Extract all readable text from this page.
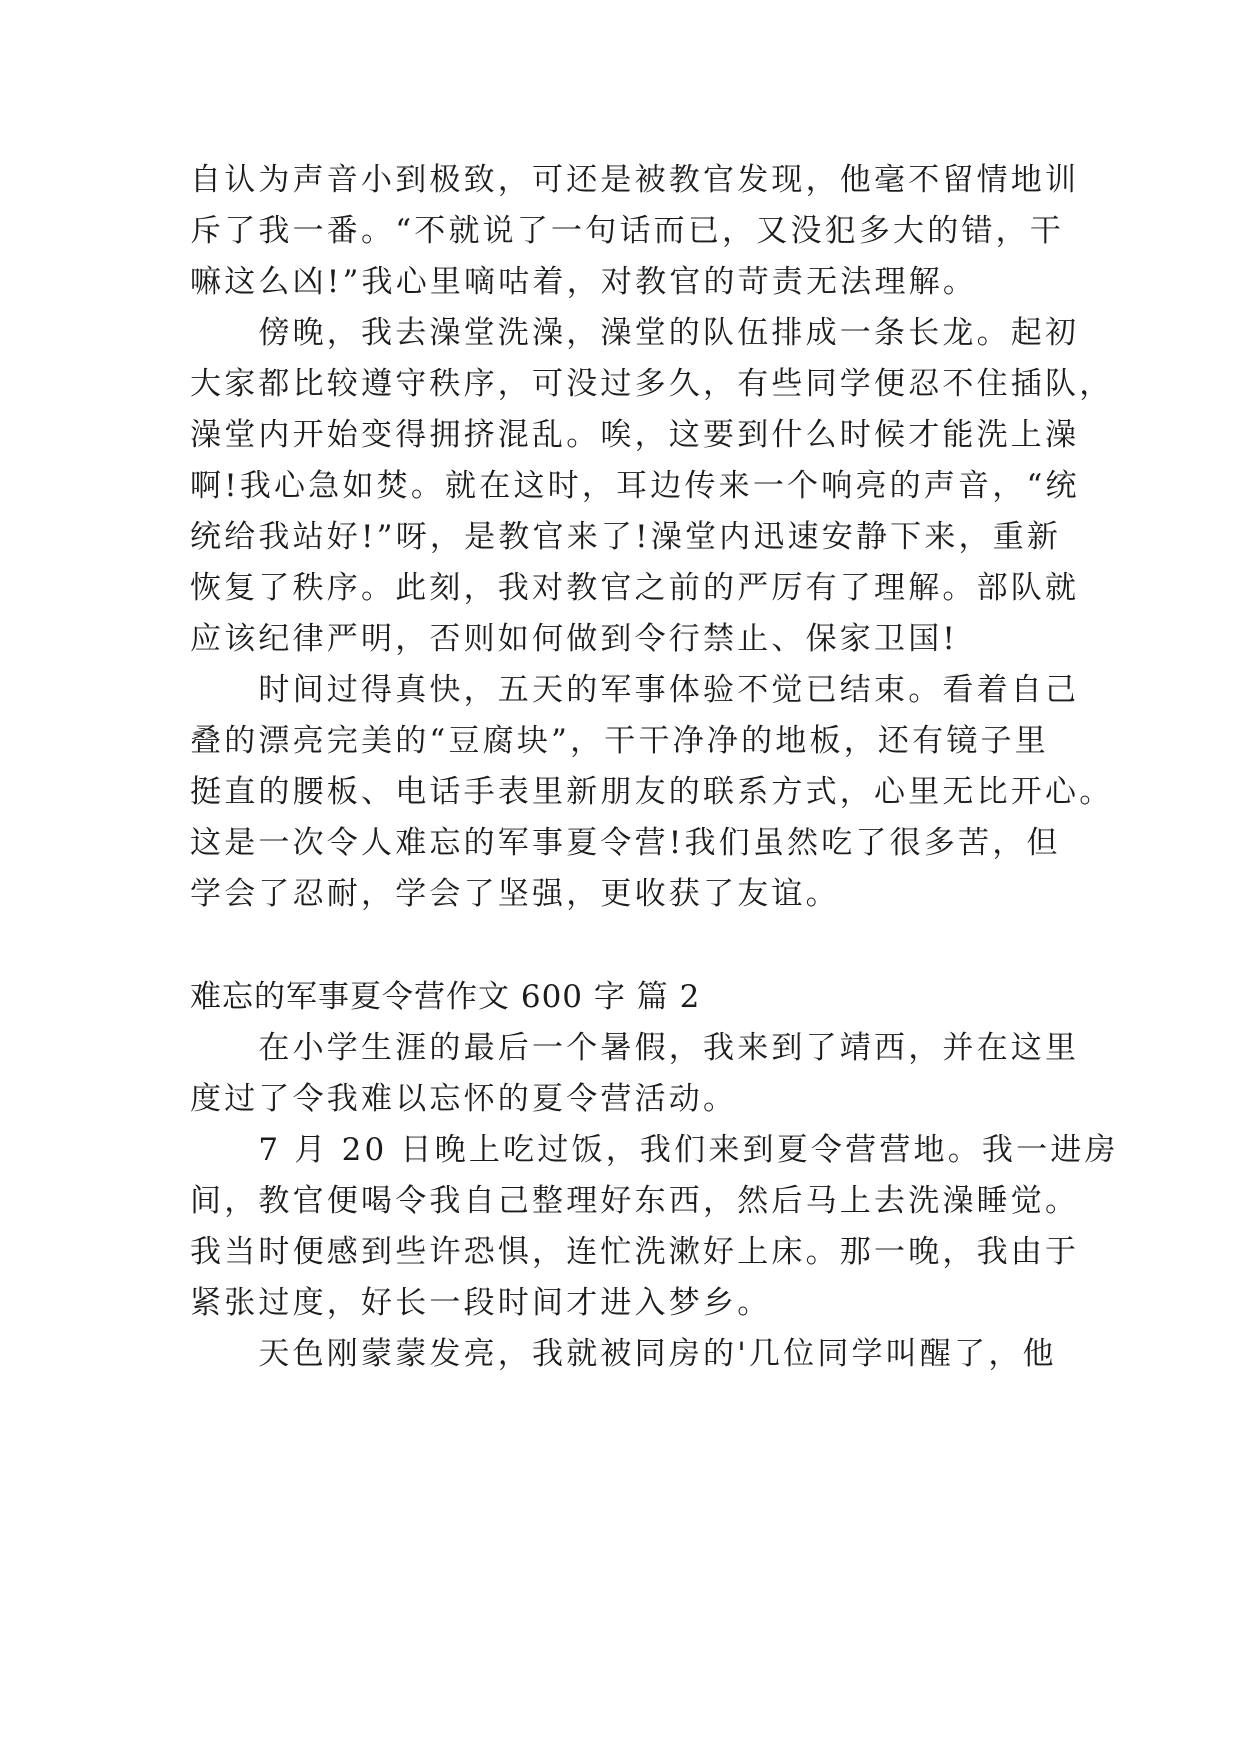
自认为声音小到极致，可还是被教官发现，他毫不留情地训
斥了我一番。“不就说了一句话而已，又没犯多大的错，干
嘛这么凶!”我心里嘀咕着，对教官的苛责无法理解。
　　傍晚，我去澡堂洗澡，澡堂的队伍排成一条长龙。起初
大家都比较遵守秩序，可没过多久，有些同学便忍不住插队，
澡堂内开始变得拥挤混乱。唉，这要到什么时候才能洗上澡
啊!我心急如焚。就在这时，耳边传来一个响亮的声音，“统
统给我站好!”呀，是教官来了!澡堂内迅速安静下来，重新
恢复了秩序。此刻，我对教官之前的严厉有了理解。部队就
应该纪律严明，否则如何做到令行禁止、保家卫国!
　　时间过得真快，五天的军事体验不觉已结束。看着自己
叠的漂亮完美的“豆腐块”，干干净净的地板，还有镜子里
挺直的腰板、电话手表里新朋友的联系方式，心里无比开心。
这是一次令人难忘的军事夏令营!我们虽然吃了很多苦，但
学会了忍耐，学会了坚强，更收获了友谊。
难忘的军事夏令营作文 600 字 篇 2
　　在小学生涯的最后一个暑假，我来到了靖西，并在这里
度过了令我难以忘怀的夏令营活动。
　　7 月 20 日晚上吃过饭，我们来到夏令营营地。我一进房
间，教官便喝令我自己整理好东西，然后马上去洗澡睡觉。
我当时便感到些许恐惧，连忙洗漱好上床。那一晚，我由于
紧张过度，好长一段时间才进入梦乡。
　　天色刚蒙蒙发亮，我就被同房的'几位同学叫醒了，他
